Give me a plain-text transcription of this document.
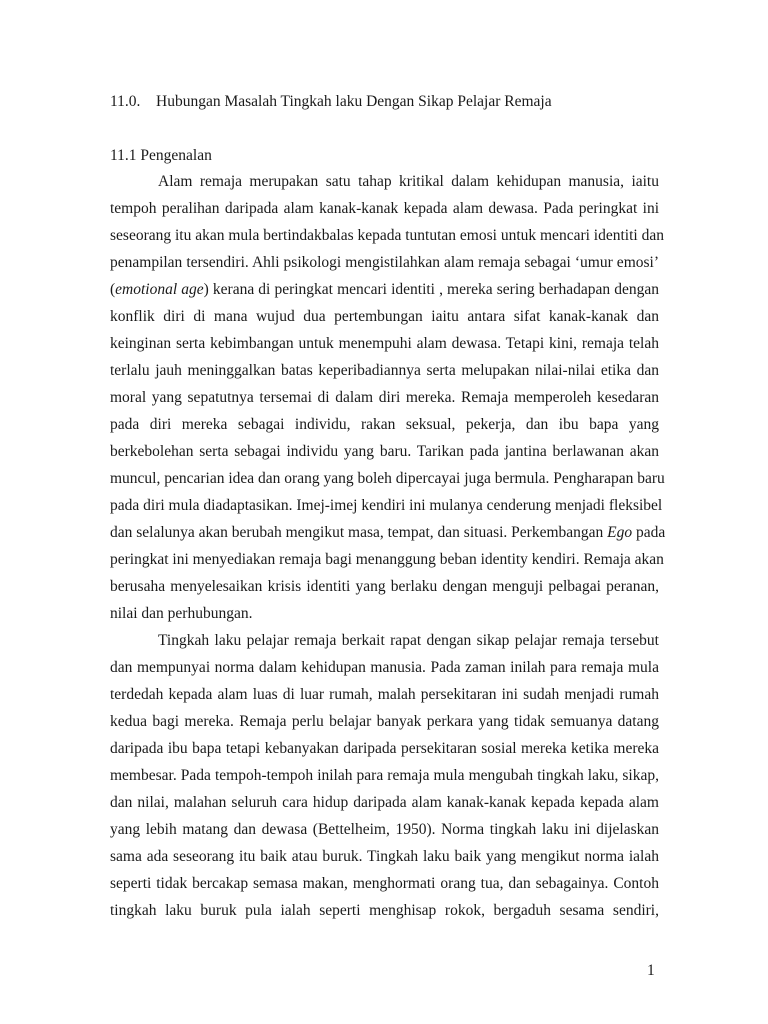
11.0. Hubungan Masalah Tingkah laku Dengan Sikap Pelajar Remaja
11.1 Pengenalan
Alam remaja merupakan satu tahap kritikal dalam kehidupan manusia, iaitu
tempoh peralihan daripada alam kanak-kanak kepada alam dewasa. Pada peringkat ini
seseorang itu akan mula bertindakbalas kepada tuntutan emosi untuk mencari identiti dan
penampilan tersendiri. Ahli psikologi mengistilahkan alam remaja sebagai ‘umur emosi’
(emotional age) kerana di peringkat mencari identiti , mereka sering berhadapan dengan
konflik diri di mana wujud dua pertembungan iaitu antara sifat kanak-kanak dan
keinginan serta kebimbangan untuk menempuhi alam dewasa. Tetapi kini, remaja telah
terlalu jauh meninggalkan batas keperibadiannya serta melupakan nilai-nilai etika dan
moral yang sepatutnya tersemai di dalam diri mereka. Remaja memperoleh kesedaran
pada diri mereka sebagai individu, rakan seksual, pekerja, dan ibu bapa yang
berkebolehan serta sebagai individu yang baru. Tarikan pada jantina berlawanan akan
muncul, pencarian idea dan orang yang boleh dipercayai juga bermula. Pengharapan baru
pada diri mula diadaptasikan. Imej-imej kendiri ini mulanya cenderung menjadi fleksibel
dan selalunya akan berubah mengikut masa, tempat, dan situasi. Perkembangan Ego pada
peringkat ini menyediakan remaja bagi menanggung beban identity kendiri. Remaja akan
berusaha menyelesaikan krisis identiti yang berlaku dengan menguji pelbagai peranan,
nilai dan perhubungan.
Tingkah laku pelajar remaja berkait rapat dengan sikap pelajar remaja tersebut
dan mempunyai norma dalam kehidupan manusia. Pada zaman inilah para remaja mula
terdedah kepada alam luas di luar rumah, malah persekitaran ini sudah menjadi rumah
kedua bagi mereka. Remaja perlu belajar banyak perkara yang tidak semuanya datang
daripada ibu bapa tetapi kebanyakan daripada persekitaran sosial mereka ketika mereka
membesar. Pada tempoh-tempoh inilah para remaja mula mengubah tingkah laku, sikap,
dan nilai, malahan seluruh cara hidup daripada alam kanak-kanak kepada kepada alam
yang lebih matang dan dewasa (Bettelheim, 1950). Norma tingkah laku ini dijelaskan
sama ada seseorang itu baik atau buruk. Tingkah laku baik yang mengikut norma ialah
seperti tidak bercakap semasa makan, menghormati orang tua, dan sebagainya. Contoh
tingkah laku buruk pula ialah seperti menghisap rokok, bergaduh sesama sendiri,
1
